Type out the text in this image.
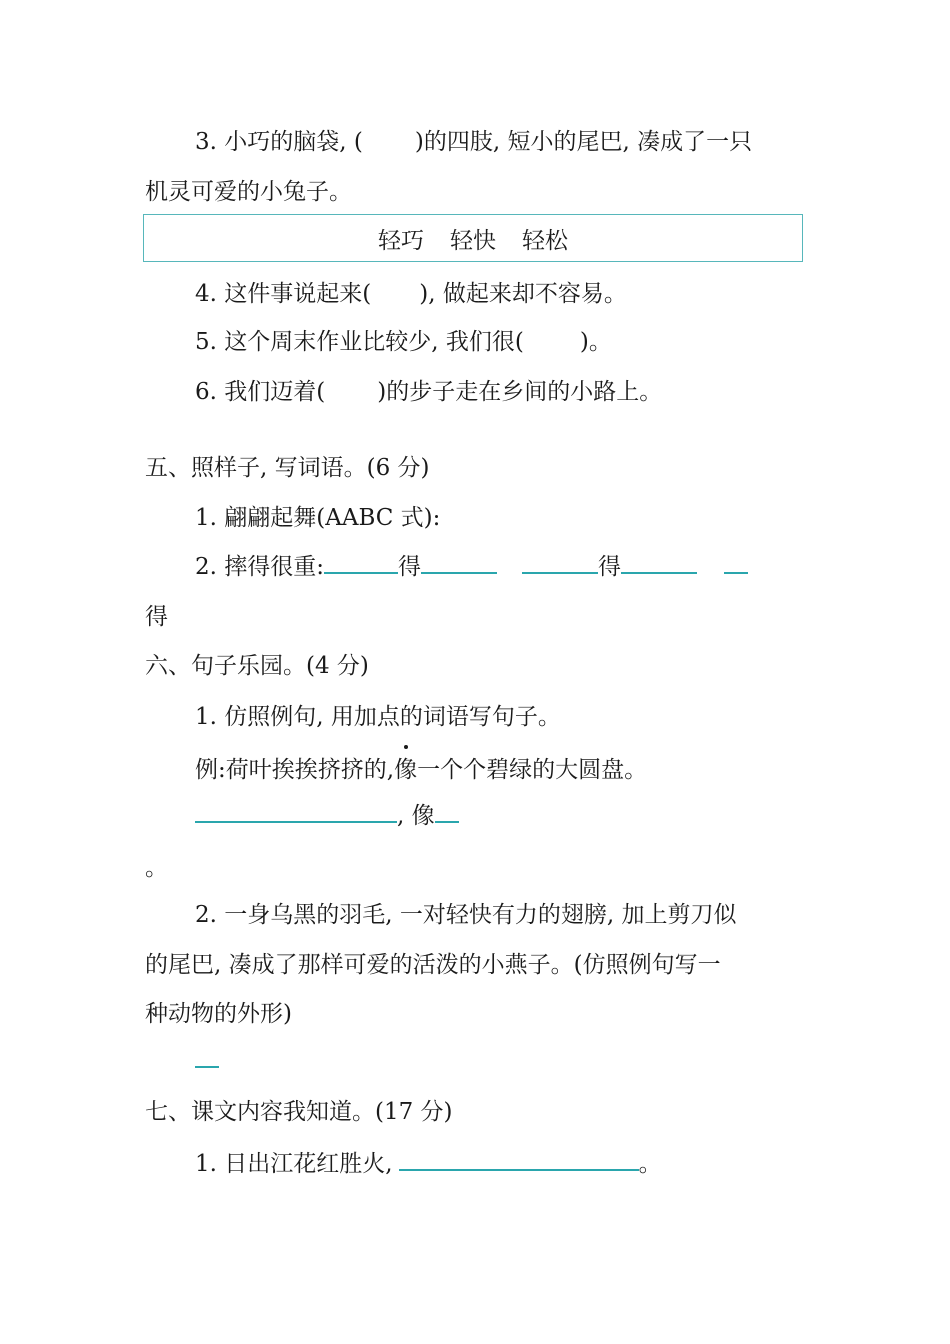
3. 小巧的脑袋, ( )的四肢, 短小的尾巴, 凑成了一只
机灵可爱的小兔子。
轻巧 轻快 轻松
4. 这件事说起来( ), 做起来却不容易。
5. 这个周末作业比较少, 我们很( )。
6. 我们迈着( )的步子走在乡间的小路上。
五、照样子, 写词语。(6 分)
1. 翩翩起舞(AABC 式):
2. 摔得很重:	得	得
得
六、句子乐园。(4 分)
1. 仿照例句, 用加点的词语写句子。
例:荷叶挨挨挤挤的,像一个个碧绿的大圆盘。
, 像
。
2. 一身乌黑的羽毛, 一对轻快有力的翅膀, 加上剪刀似
的尾巴, 凑成了那样可爱的活泼的小燕子。(仿照例句写一
种动物的外形)
七、课文内容我知道。(17 分)
1. 日出江花红胜火,	。
